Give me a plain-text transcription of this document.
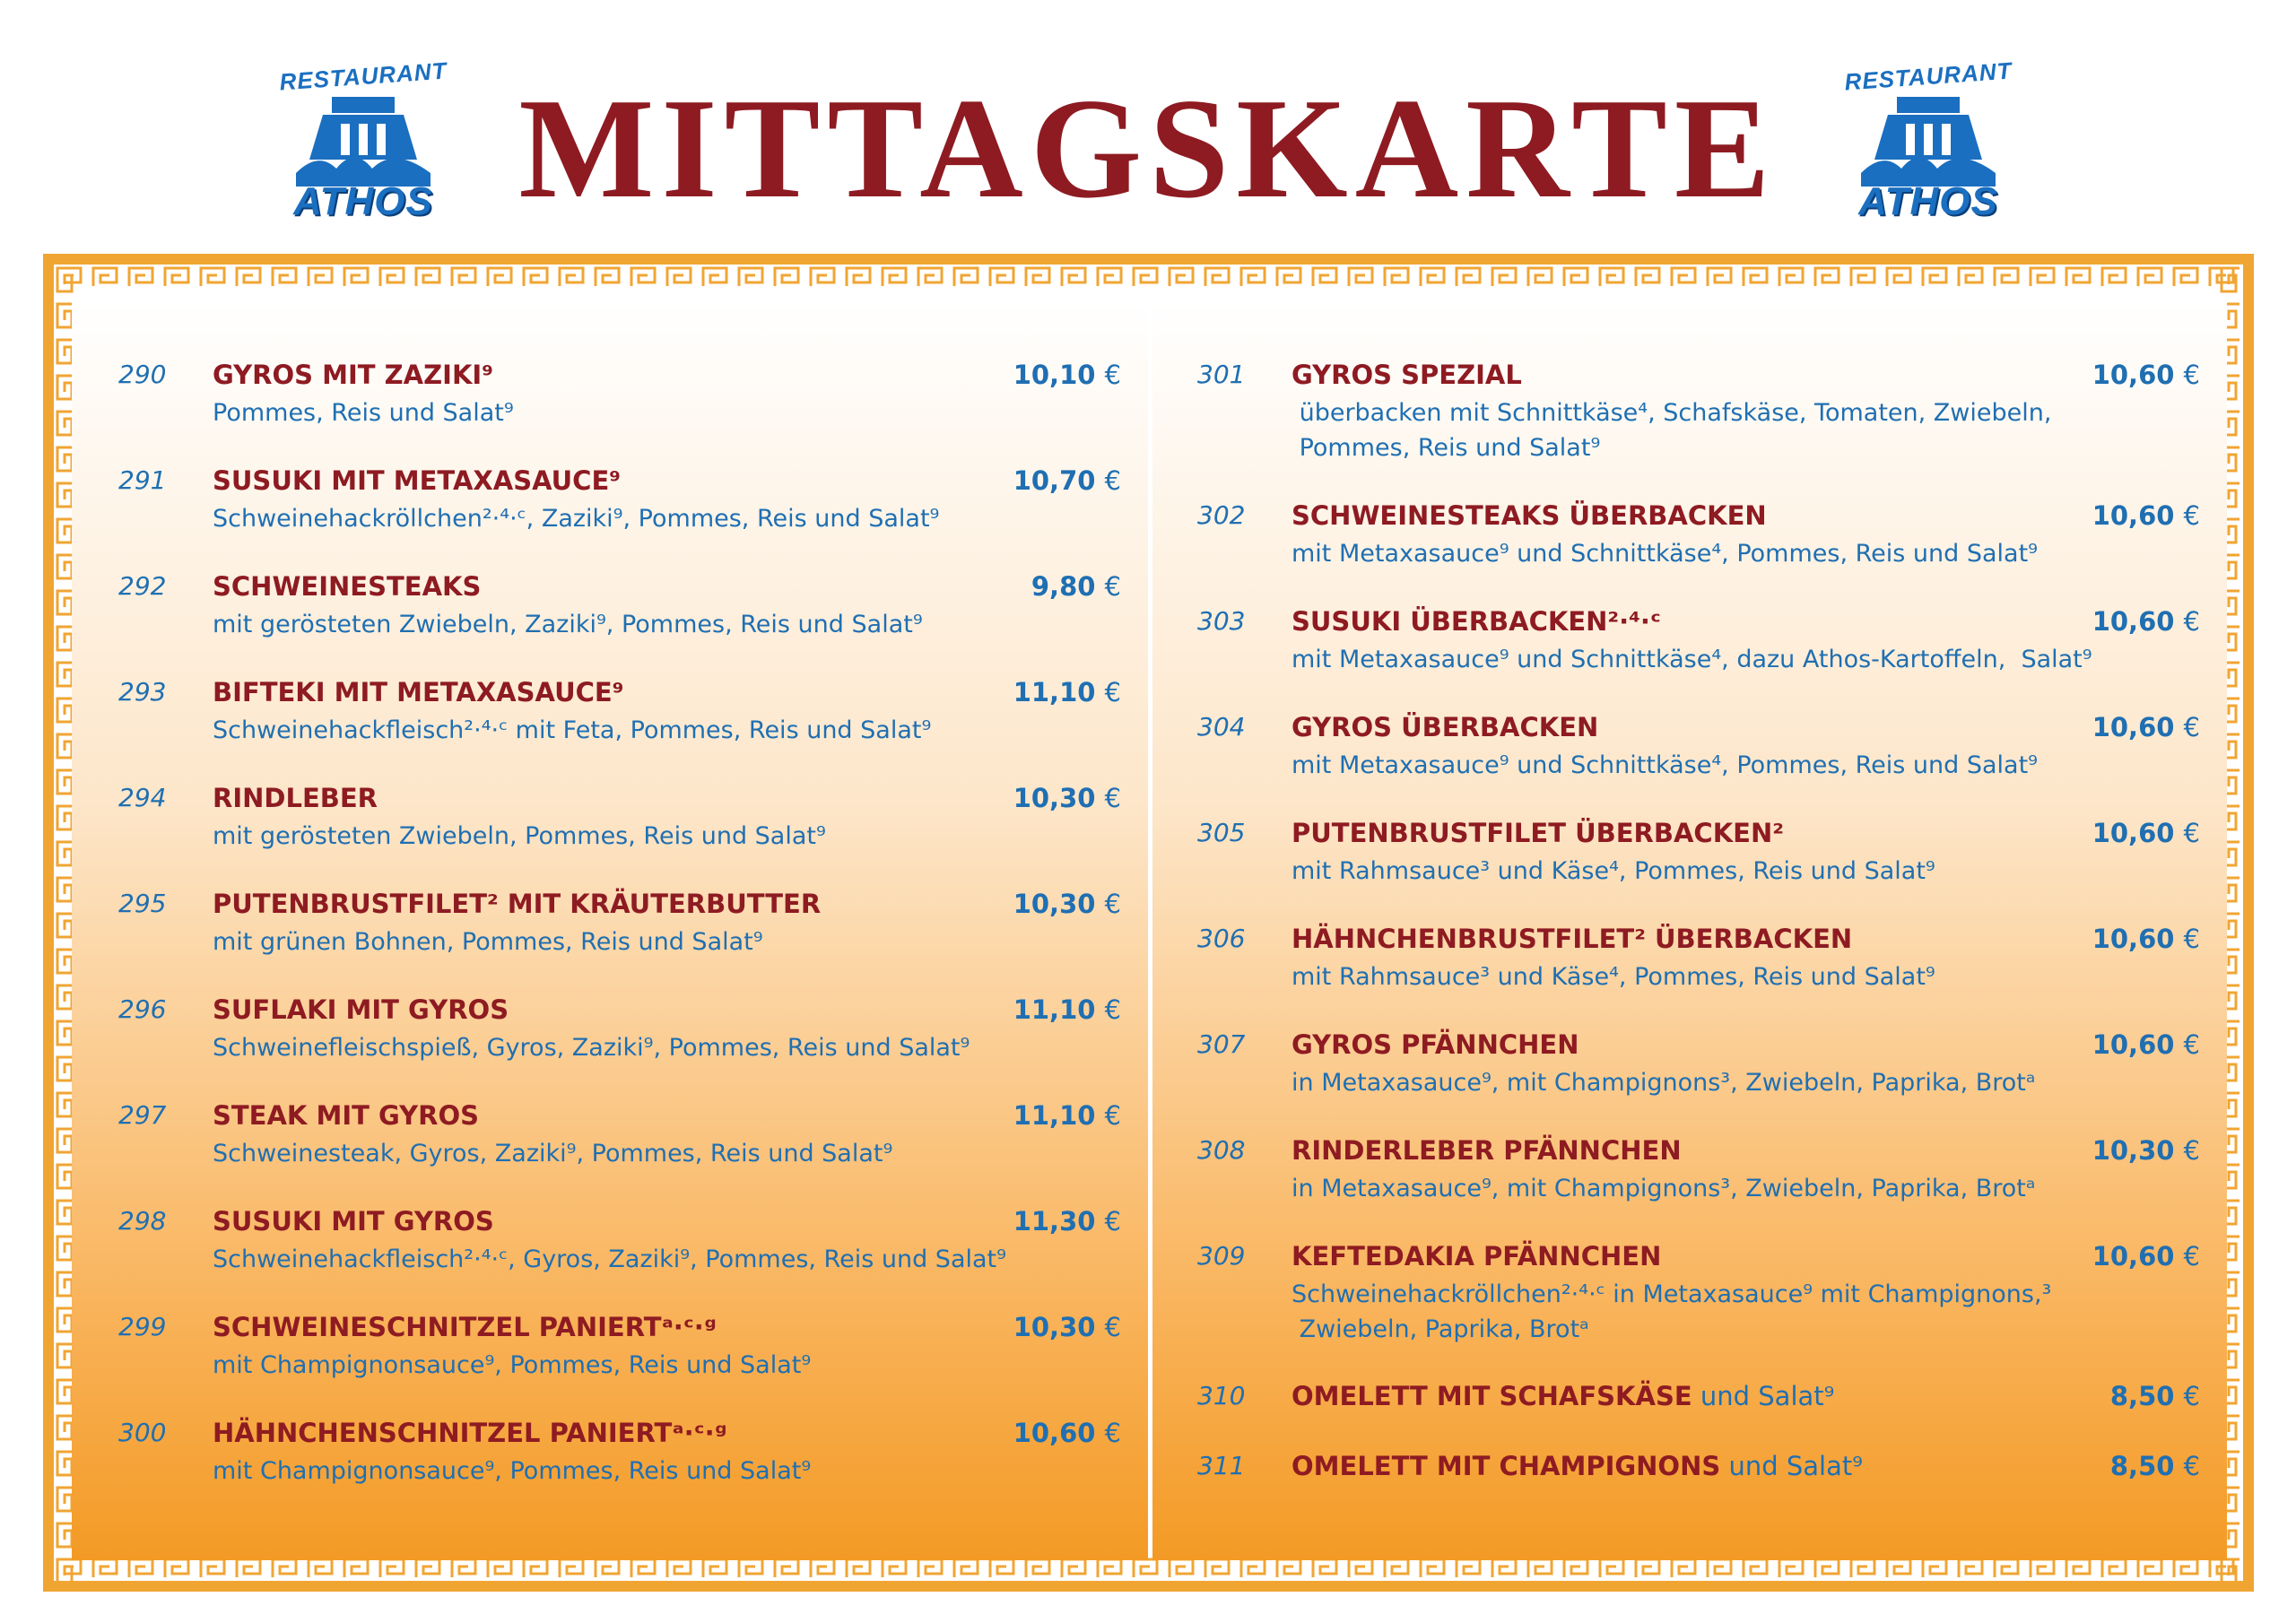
RESTAURANT
ATHOS MITTAGSKARTE	RESTAURANT
ATHOS
290 GYROS MIT ZAZIKI⁹
Pommes, Reis und Salat⁹
10,10 €
291 SUSUKI MIT METAXASAUCE⁹
Schweinehackröllchen²·⁴·ᶜ, Zaziki⁹, Pommes, Reis und Salat⁹
10,70 €
292 SCHWEINESTEAKS
mit gerösteten Zwiebeln, Zaziki⁹, Pommes, Reis und Salat⁹
9,80 €
293 BIFTEKI MIT METAXASAUCE⁹
Schweinehackfleisch²·⁴·ᶜ mit Feta, Pommes, Reis und Salat⁹
11,10 €
294 RINDLEBER
mit gerösteten Zwiebeln, Pommes, Reis und Salat⁹
10,30 €
295 PUTENBRUSTFILET² MIT KRÄUTERBUTTER
mit grünen Bohnen, Pommes, Reis und Salat⁹
10,30 €
296 SUFLAKI MIT GYROS
Schweinefleischspieß, Gyros, Zaziki⁹, Pommes, Reis und Salat⁹
11,10 €
297 STEAK MIT GYROS
Schweinesteak, Gyros, Zaziki⁹, Pommes, Reis und Salat⁹
11,10 €
298 SUSUKI MIT GYROS
Schweinehackfleisch²·⁴·ᶜ, Gyros, Zaziki⁹, Pommes, Reis und Salat⁹
11,30 €
299 SCHWEINESCHNITZEL PANIERTᵃ·ᶜ·ᵍ
mit Champignonsauce⁹, Pommes, Reis und Salat⁹
10,30 €
300 HÄHNCHENSCHNITZEL PANIERTᵃ·ᶜ·ᵍ
mit Champignonsauce⁹, Pommes, Reis und Salat⁹
10,60 €
301 GYROS SPEZIAL
überbacken mit Schnittkäse⁴, Schafskäse, Tomaten, Zwiebeln,
Pommes, Reis und Salat⁹
10,60 €
302 SCHWEINESTEAKS ÜBERBACKEN
mit Metaxasauce⁹ und Schnittkäse⁴, Pommes, Reis und Salat⁹
10,60 €
303 SUSUKI ÜBERBACKEN²·⁴·ᶜ
mit Metaxasauce⁹ und Schnittkäse⁴, dazu Athos-Kartoffeln,  Salat⁹
10,60 €
304 GYROS ÜBERBACKEN
mit Metaxasauce⁹ und Schnittkäse⁴, Pommes, Reis und Salat⁹
10,60 €
305 PUTENBRUSTFILET ÜBERBACKEN²
mit Rahmsauce³ und Käse⁴, Pommes, Reis und Salat⁹
10,60 €
306 HÄHNCHENBRUSTFILET² ÜBERBACKEN
mit Rahmsauce³ und Käse⁴, Pommes, Reis und Salat⁹
10,60 €
307 GYROS PFÄNNCHEN
in Metaxasauce⁹, mit Champignons³, Zwiebeln, Paprika, Brotᵃ
10,60 €
308 RINDERLEBER PFÄNNCHEN
in Metaxasauce⁹, mit Champignons³, Zwiebeln, Paprika, Brotᵃ
10,30 €
309 KEFTEDAKIA PFÄNNCHEN
Schweinehackröllchen²·⁴·ᶜ in Metaxasauce⁹ mit Champignons,³
Zwiebeln, Paprika, Brotᵃ
10,60 €
310 OMELETT MIT SCHAFSKÄSE und Salat⁹	8,50 €
311 OMELETT MIT CHAMPIGNONS und Salat⁹	8,50 €
